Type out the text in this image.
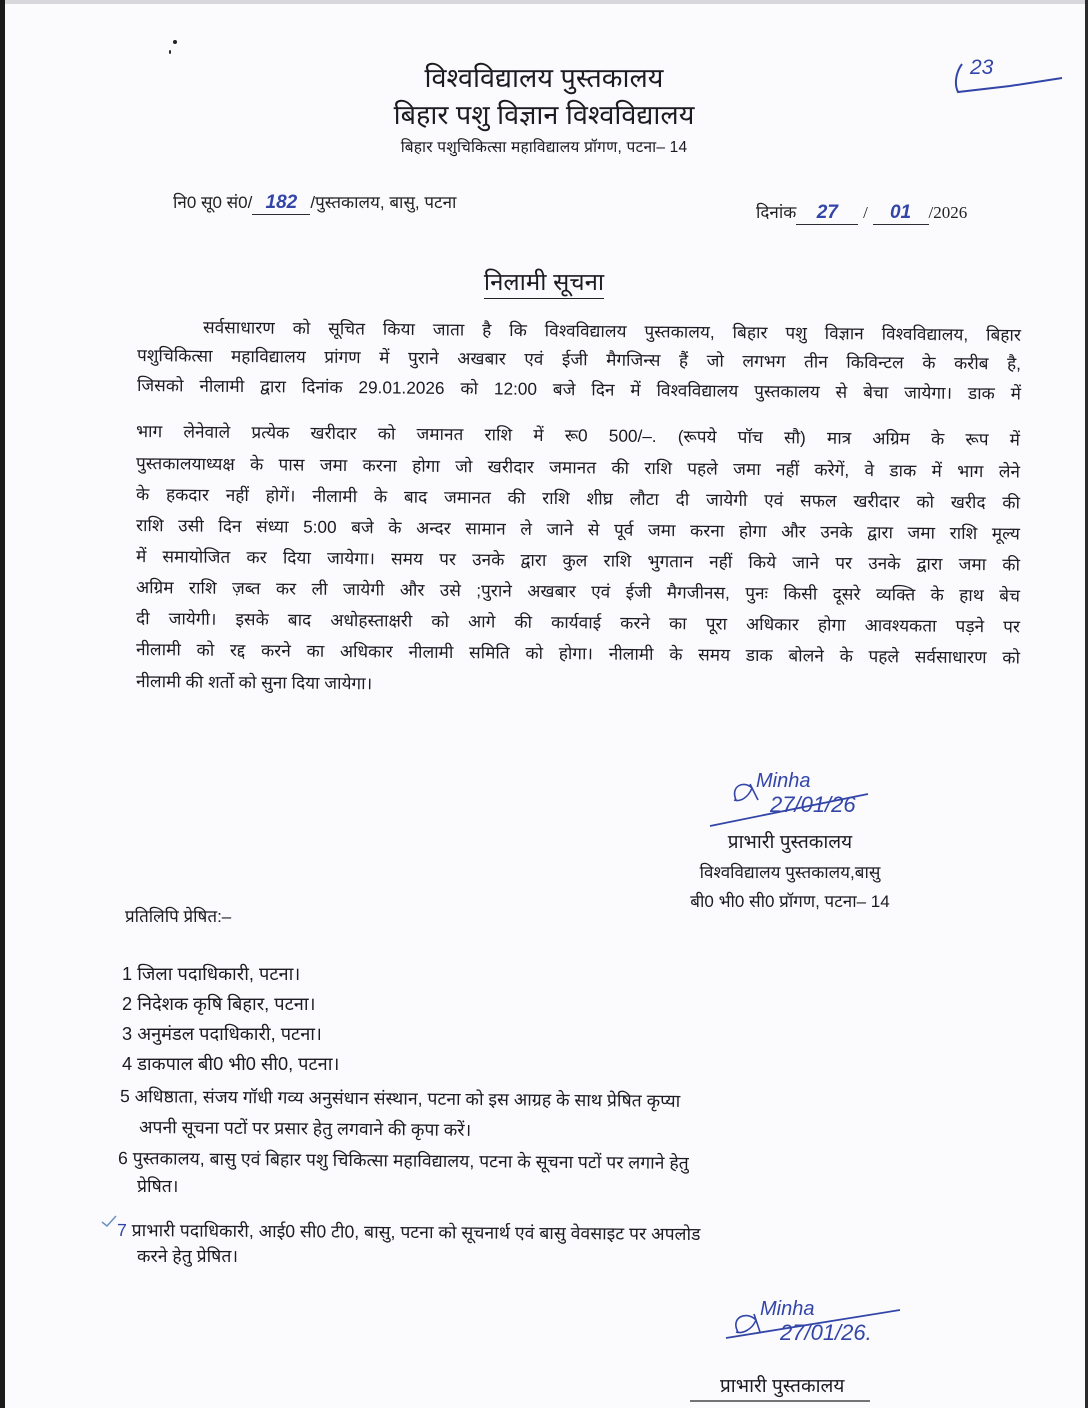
विश्वविद्यालय पुस्तकालय
बिहार पशु विज्ञान विश्वविद्यालय
बिहार पशुचिकित्सा महाविद्यालय प्रॉगण, पटना– 14
23
नि0 सू0 सं0/ 182 /पुस्तकालय, बासु, पटना
दिनांक 27 / 01 /2026
निलामी सूचना
सर्वसाधारण को सूचित किया जाता है कि विश्वविद्यालय पुस्तकालय, बिहार पशु विज्ञान विश्वविद्यालय, बिहार
पशुचिकित्सा महाविद्यालय प्रांगण में पुराने अखबार एवं ईजी मैगजिन्स हैं जो लगभग तीन किविन्टल के करीब है,
जिसको नीलामी द्वारा दिनांक 29.01.2026 को 12:00 बजे दिन में विश्वविद्यालय पुस्तकालय से बेचा जायेगा। डाक में
भाग लेनेवाले प्रत्येक खरीदार को जमानत राशि में रू0 500/–. (रूपये पॉच सौ) मात्र अग्रिम के रूप में
पुस्तकालयाध्यक्ष के पास जमा करना होगा जो खरीदार जमानत की राशि पहले जमा नहीं करेगें, वे डाक में भाग लेने
के हकदार नहीं होगें। नीलामी के बाद जमानत की राशि शीघ्र लौटा दी जायेगी एवं सफल खरीदार को खरीद की
राशि उसी दिन संध्या 5:00 बजे के अन्दर सामान ले जाने से पूर्व जमा करना होगा और उनके द्वारा जमा राशि मूल्य
में समायोजित कर दिया जायेगा। समय पर उनके द्वारा कुल राशि भुगतान नहीं किये जाने पर उनके द्वारा जमा की
अग्रिम राशि ज़ब्त कर ली जायेगी और उसे ;पुराने अखबार एवं ईजी मैगजीनस, पुनः किसी दूसरे व्यक्ति के हाथ बेच
दी जायेगी। इसके बाद अधोहस्ताक्षरी को आगे की कार्यवाई करने का पूरा अधिकार होगा आवश्यकता पड़ने पर
नीलामी को रद्द करने का अधिकार नीलामी समिति को होगा। नीलामी के समय डाक बोलने के पहले सर्वसाधारण को
नीलामी की शर्तो को सुना दिया जायेगा।
Minha
27/01/26
प्राभारी पुस्तकालय
विश्वविद्यालय पुस्तकालय,बासु
बी0 भी0 सी0 प्रॉगण, पटना– 14
प्रतिलिपि प्रेषित:–
1 जिला पदाधिकारी, पटना।
2 निदेशक कृषि बिहार, पटना।
3 अनुमंडल पदाधिकारी, पटना।
4 डाकपाल बी0 भी0 सी0, पटना।
5 अधिष्ठाता, संजय गॉधी गव्य अनुसंधान संस्थान, पटना को इस आग्रह के साथ प्रेषित कृप्या
अपनी सूचना पटों पर प्रसार हेतु लगवाने की कृपा करें।
6 पुस्तकालय, बासु एवं बिहार पशु चिकित्सा महाविद्यालय, पटना के सूचना पटों पर लगाने हेतु
प्रेषित।
7 प्राभारी पदाधिकारी, आई0 सी0 टी0, बासु, पटना को सूचनार्थ एवं बासु वेवसाइट पर अपलोड
करने हेतु प्रेषित।
Minha
27/01/26.
प्राभारी पुस्तकालय
